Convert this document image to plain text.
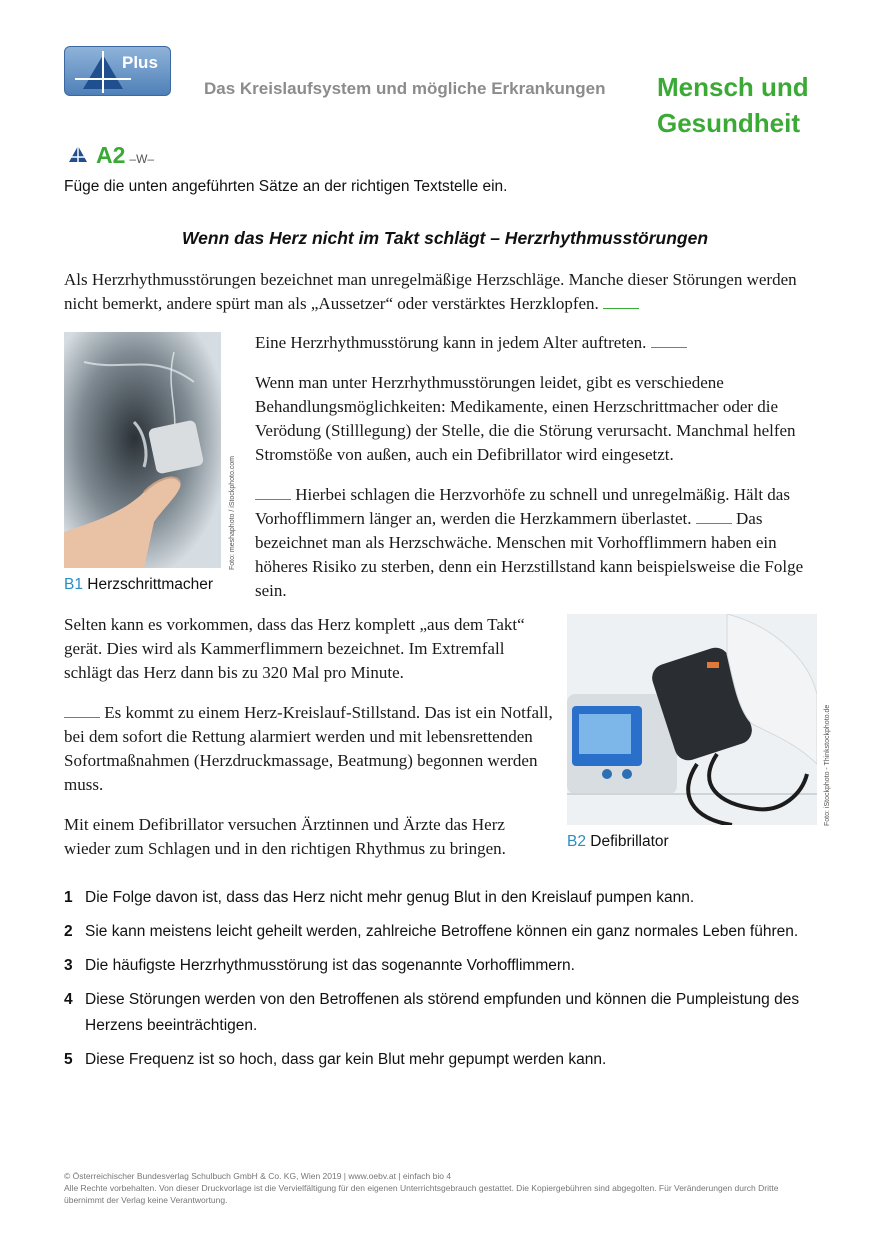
Plus
Das Kreislaufsystem und mögliche Erkrankungen Mensch und
Gesundheit
A2 –W–
Füge die unten angeführten Sätze an der richtigen Textstelle ein.
Wenn das Herz nicht im Takt schlägt – Herzrhythmusstörungen

Als Herzrhythmusstörungen bezeichnet man unregelmäßige Herzschläge. Manche dieser Störungen werden nicht bemerkt, andere spürt man als „Aussetzer“ oder verstärktes Herzklopfen.

Foto: meshaphoto / iStockphoto.com
B1 Herzschrittmacher

Eine Herzrhythmusstörung kann in jedem Alter auftreten.

Wenn man unter Herzrhythmusstörungen leidet, gibt es verschiedene Behandlungsmöglichkeiten: Medikamente, einen Herzschrittmacher oder die Verödung (Stilllegung) der Stelle, die die Störung verursacht. Manchmal helfen Stromstöße von außen, auch ein Defibrillator wird eingesetzt.

Hierbei schlagen die Herzvorhöfe zu schnell und unregelmäßig. Hält das Vorhofflimmern länger an, werden die Herzkammern überlastet.	Das bezeichnet man als Herzschwäche. Menschen mit Vorhofflimmern haben ein höheres Risiko zu sterben, denn ein Herzstillstand kann beispielsweise die Folge sein.

Selten kann es vorkommen, dass das Herz komplett „aus dem Takt“ gerät. Dies wird als Kammerflimmern bezeichnet. Im Extremfall schlägt das Herz dann bis zu 320 Mal pro Minute.

Es kommt zu einem Herz-Kreislauf-Stillstand. Das ist ein Notfall, bei dem sofort die Rettung alarmiert werden und mit lebensrettenden Sofortmaßnahmen (Herzdruckmassage, Beatmung) begonnen werden muss.

Mit einem Defibrillator versuchen Ärztinnen und Ärzte das Herz wieder zum Schlagen und in den richtigen Rhythmus zu bringen.

Foto: iStockphoto - Thinkstockphoto.de
B2 Defibrillator
1 Die Folge davon ist, dass das Herz nicht mehr genug Blut in den Kreislauf pumpen kann.
2 Sie kann meistens leicht geheilt werden, zahlreiche Betroffene können ein ganz normales Leben führen.
3 Die häufigste Herzrhythmusstörung ist das sogenannte Vorhofflimmern.
4 Diese Störungen werden von den Betroffenen als störend empfunden und können die Pumpleistung des Herzens beeinträchtigen.
5 Diese Frequenz ist so hoch, dass gar kein Blut mehr gepumpt werden kann.
© Österreichischer Bundesverlag Schulbuch GmbH & Co. KG, Wien 2019 | www.oebv.at | einfach bio 4
Alle Rechte vorbehalten. Von dieser Druckvorlage ist die Vervielfältigung für den eigenen Unterrichtsgebrauch gestattet. Die Kopiergebühren sind abgegolten. Für Veränderungen durch Dritte übernimmt der Verlag keine Verantwortung.
